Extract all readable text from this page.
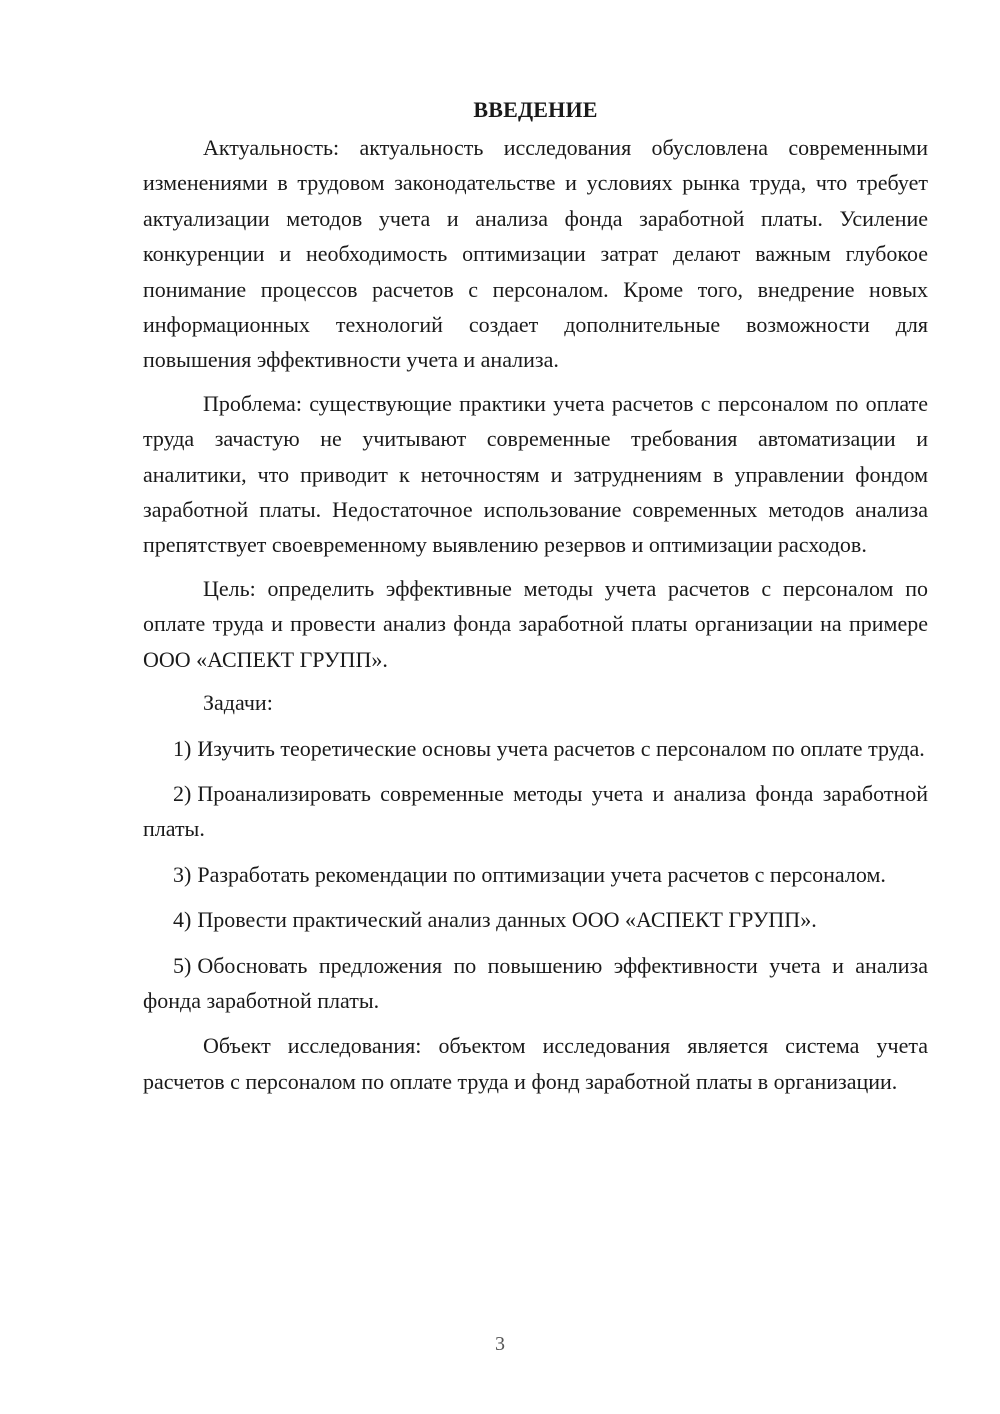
ВВЕДЕНИЕ

Актуальность: актуальность исследования обусловлена современными изменениями в трудовом законодательстве и условиях рынка труда, что требует актуализации методов учета и анализа фонда заработной платы. Усиление конкуренции и необходимость оптимизации затрат делают важным глубокое понимание процессов расчетов с персоналом. Кроме того, внедрение новых информационных технологий создает дополнительные возможности для повышения эффективности учета и анализа.

Проблема: существующие практики учета расчетов с персоналом по оплате труда зачастую не учитывают современные требования автоматизации и аналитики, что приводит к неточностям и затруднениям в управлении фондом заработной платы. Недостаточное использование современных методов анализа препятствует своевременному выявлению резервов и оптимизации расходов.

Цель: определить эффективные методы учета расчетов с персоналом по оплате труда и провести анализ фонда заработной платы организации на примере ООО «АСПЕКТ ГРУПП».

Задачи:

1) Изучить теоретические основы учета расчетов с персоналом по оплате труда.

2) Проанализировать современные методы учета и анализа фонда заработной платы.

3) Разработать рекомендации по оптимизации учета расчетов с персоналом.

4) Провести практический анализ данных ООО «АСПЕКТ ГРУПП».

5) Обосновать предложения по повышению эффективности учета и анализа фонда заработной платы.

Объект исследования: объектом исследования является система учета расчетов с персоналом по оплате труда и фонд заработной платы в организации.

3
